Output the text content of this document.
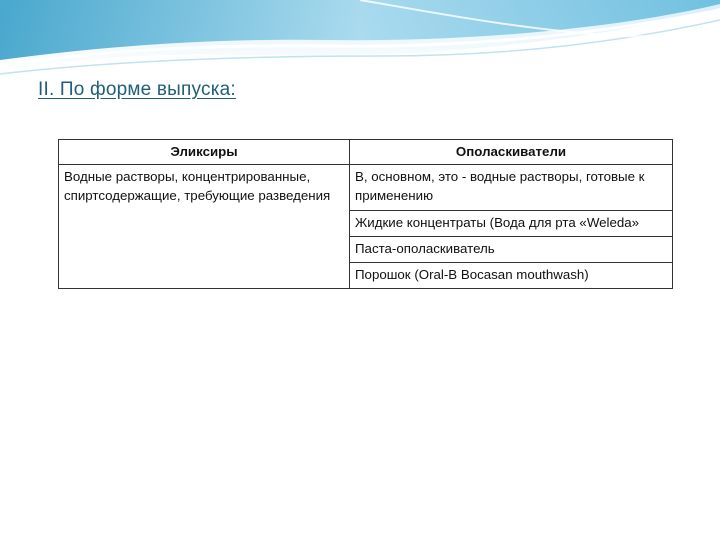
II. По форме выпуска:
Эликсиры	Ополаскиватели
Водные растворы, концентрированные, спиртсодержащие, требующие разведения	В, основном, это - водные растворы, готовые к применению
	Жидкие концентраты (Вода для рта «Weleda»
	Паста-ополаскиватель
	Порошок (Oral-B Bocasan mouthwash)
